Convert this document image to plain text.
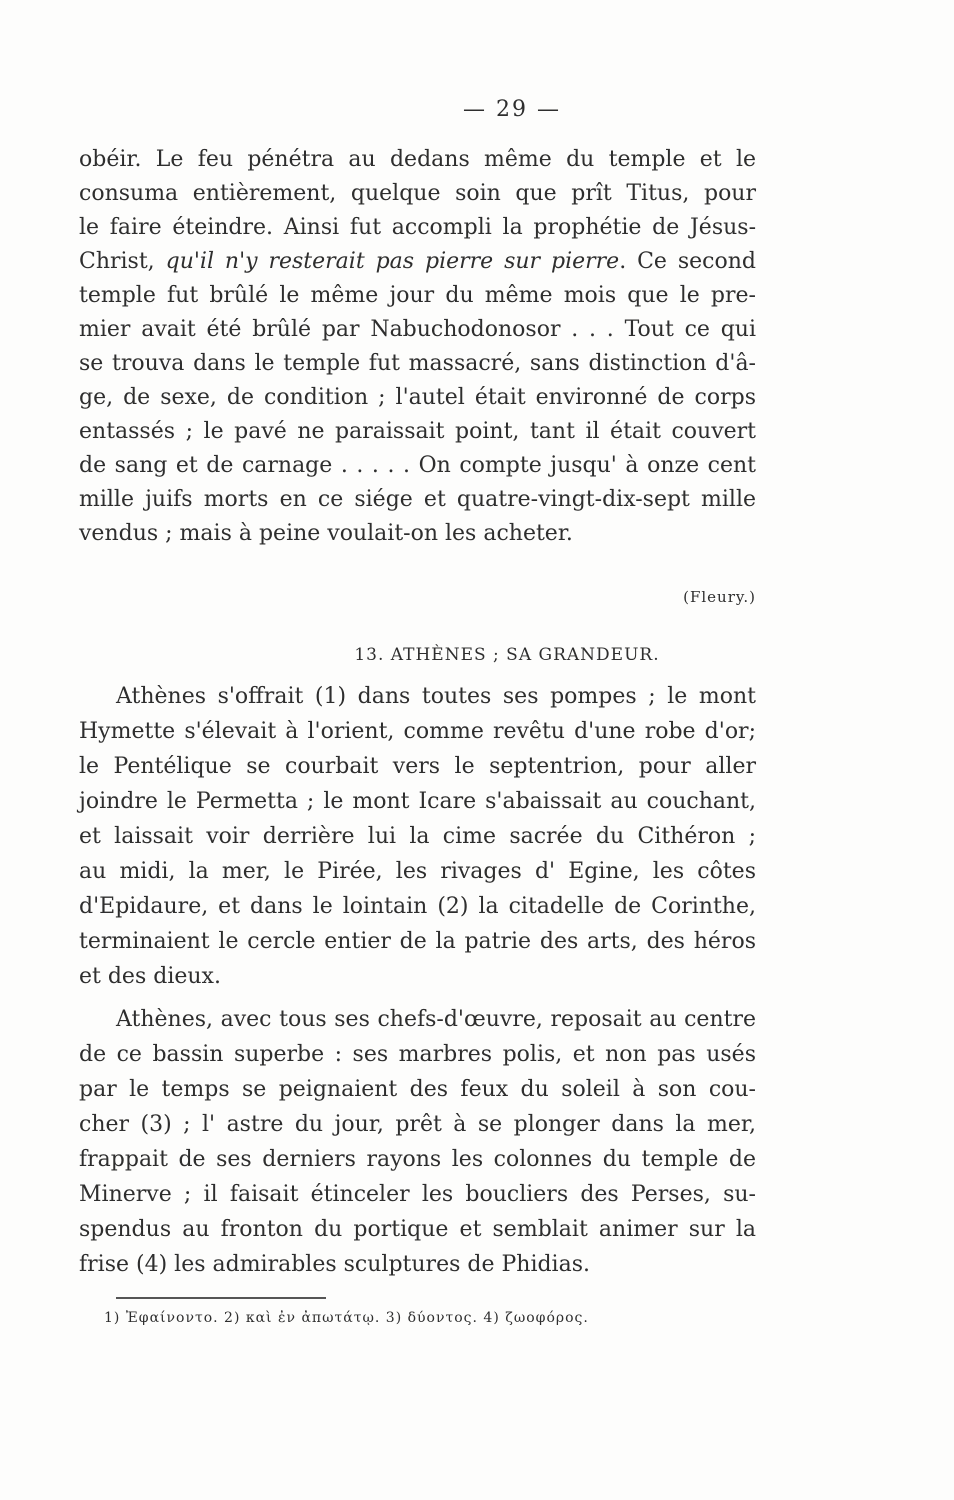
— 29 —
obéir. Le feu pénétra au dedans même du temple et le
consuma entièrement, quelque soin que prît Titus, pour
le faire éteindre. Ainsi fut accompli la prophétie de Jésus-
Christ, qu'il n'y resterait pas pierre sur pierre. Ce second
temple fut brûlé le même jour du même mois que le pre-
mier avait été brûlé par Nabuchodonosor . . . Tout ce qui
se trouva dans le temple fut massacré, sans distinction d'â-
ge, de sexe, de condition ; l'autel était environné de corps
entassés ; le pavé ne paraissait point, tant il était couvert
de sang et de carnage . . . . . On compte jusqu' à onze cent
mille juifs morts en ce siége et quatre-vingt-dix-sept mille
vendus ; mais à peine voulait-on les acheter.
(Fleury.)
13. ATHÈNES ; SA GRANDEUR.
Athènes s'offrait (1) dans toutes ses pompes ; le mont
Hymette s'élevait à l'orient, comme revêtu d'une robe d'or;
le Pentélique se courbait vers le septentrion, pour aller
joindre le Permetta ; le mont Icare s'abaissait au couchant,
et laissait voir derrière lui la cime sacrée du Cithéron ;
au midi, la mer, le Pirée, les rivages d' Egine, les côtes
d'Epidaure, et dans le lointain (2) la citadelle de Corinthe,
terminaient le cercle entier de la patrie des arts, des héros
et des dieux.
Athènes, avec tous ses chefs-d'œuvre, reposait au centre
de ce bassin superbe : ses marbres polis, et non pas usés
par le temps se peignaient des feux du soleil à son cou-
cher (3) ; l' astre du jour, prêt à se plonger dans la mer,
frappait de ses derniers rayons les colonnes du temple de
Minerve ; il faisait étinceler les boucliers des Perses, su-
spendus au fronton du portique et semblait animer sur la
frise (4) les admirables sculptures de Phidias.
1) Ἐφαίνοντο. 2) καὶ ἐν ἀπωτάτῳ. 3) δύοντος. 4) ζωοφόρος.
